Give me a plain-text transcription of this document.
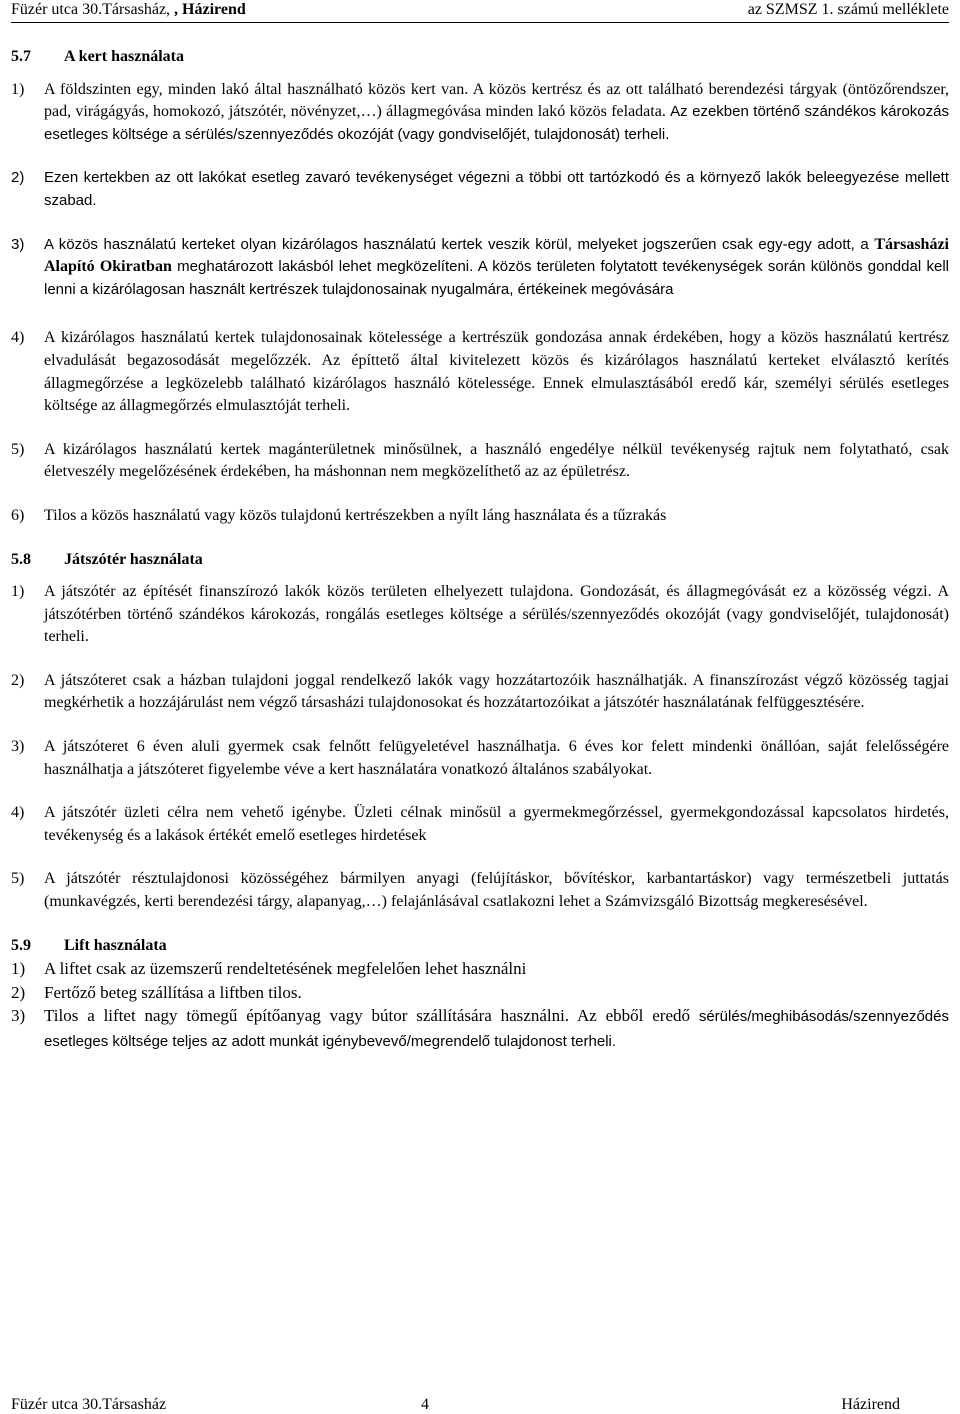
Füzér utca 30.Társasház, , Házirend	az SZMSZ 1. számú melléklete
5.7	A kert használata
1)	A földszinten egy, minden lakó által használható közös kert van. A közös kertrész és az ott található berendezési tárgyak (öntözőrendszer, pad, virágágyás, homokozó, játszótér, növényzet,…) állagmegóvása minden lakó közös feladata. Az ezekben történő szándékos károkozás esetleges költsége a sérülés/szennyeződés okozóját (vagy gondviselőjét, tulajdonosát) terheli.
2)	Ezen kertekben az ott lakókat esetleg zavaró tevékenységet végezni a többi ott tartózkodó és a környező lakók beleegyezése mellett szabad.
3)	A közös használatú kerteket olyan kizárólagos használatú kertek veszik körül, melyeket jogszerűen csak egy-egy adott, a Társasházi Alapító Okiratban meghatározott lakásból lehet megközelíteni. A közös területen folytatott tevékenységek során különös gonddal kell lenni a kizárólagosan használt kertrészek tulajdonosainak nyugalmára, értékeinek megóvására
4)	A kizárólagos használatú kertek tulajdonosainak kötelessége a kertrészük gondozása annak érdekében, hogy a közös használatú kertrész elvadulását begazosodását megelőzzék. Az építtető által kivitelezett közös és kizárólagos használatú kerteket elválasztó kerítés állagmegőrzése a legközelebb található kizárólagos használó kötelessége. Ennek elmulasztásából eredő kár, személyi sérülés esetleges költsége az állagmegőrzés elmulasztóját terheli.
5)	A kizárólagos használatú kertek magánterületnek minősülnek, a használó engedélye nélkül tevékenység rajtuk nem folytatható, csak életveszély megelőzésének érdekében, ha máshonnan nem megközelíthető az az épületrész.
6)	Tilos a közös használatú vagy közös tulajdonú kertrészekben a nyílt láng használata és a tűzrakás
5.8	Játszótér használata
1)	A játszótér az építését finanszírozó lakók közös területen elhelyezett tulajdona. Gondozását, és állagmegóvását ez a közösség végzi. A játszótérben történő szándékos károkozás, rongálás esetleges költsége a sérülés/szennyeződés okozóját (vagy gondviselőjét, tulajdonosát) terheli.
2)	A játszóteret csak a házban tulajdoni joggal rendelkező lakók vagy hozzátartozóik használhatják. A finanszírozást végző közösség tagjai megkérhetik a hozzájárulást nem végző társasházi tulajdonosokat és hozzátartozóikat a játszótér használatának felfüggesztésére.
3)	A játszóteret 6 éven aluli gyermek csak felnőtt felügyeletével használhatja. 6 éves kor felett mindenki önállóan, saját felelősségére használhatja a játszóteret figyelembe véve a kert használatára vonatkozó általános szabályokat.
4)	A játszótér üzleti célra nem vehető igénybe. Üzleti célnak minősül a gyermekmegőrzéssel, gyermekgondozással kapcsolatos hirdetés, tevékenység és a lakások értékét emelő esetleges hirdetések
5)	A játszótér résztulajdonosi közösségéhez bármilyen anyagi (felújításkor, bővítéskor, karbantartáskor) vagy természetbeli juttatás (munkavégzés, kerti berendezési tárgy, alapanyag,…) felajánlásával csatlakozni lehet a Számvizsgáló Bizottság megkeresésével.
5.9	Lift használata
1)	A liftet csak az üzemszerű rendeltetésének megfelelően lehet használni
2)	Fertőző beteg szállítása a liftben tilos.
3)	Tilos a liftet nagy tömegű építőanyag vagy bútor szállítására használni. Az ebből eredő sérülés/meghibásodás/szennyeződés esetleges költsége teljes az adott munkát igénybevevő/megrendelő tulajdonost terheli.
Füzér utca 30.Társasház	4	Házirend
